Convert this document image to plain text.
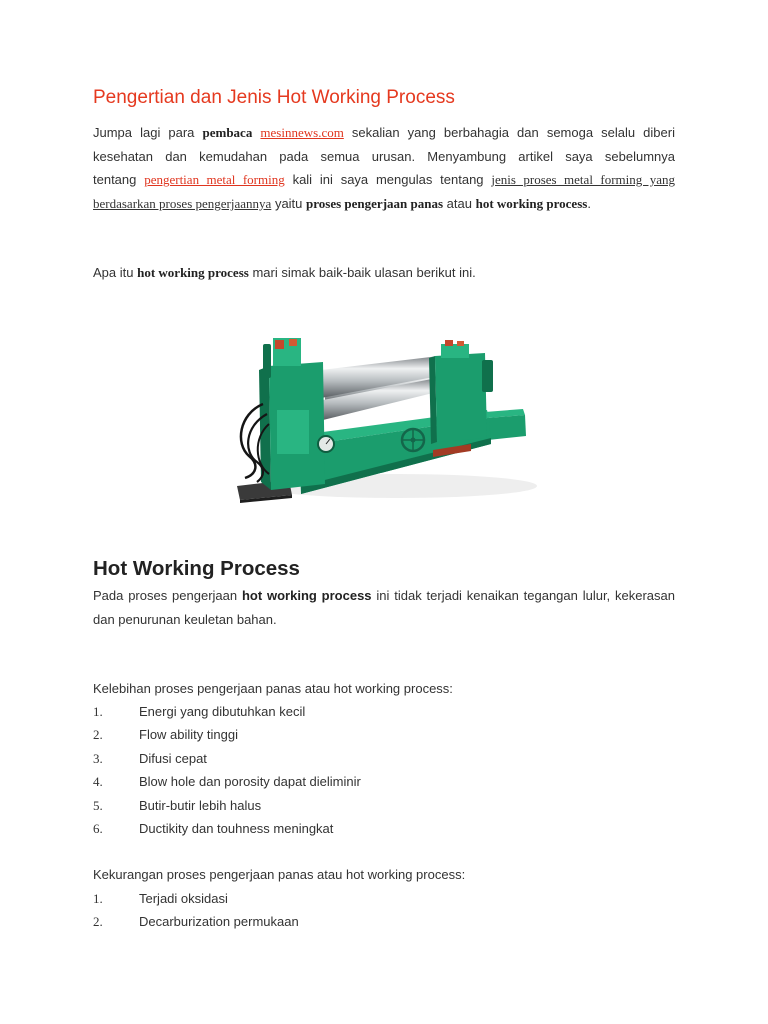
Pengertian dan Jenis Hot Working Process
Jumpa lagi para pembaca mesinnews.com sekalian yang berbahagia dan semoga selalu diberi
kesehatan dan kemudahan pada semua urusan. Menyambung artikel saya sebelumnya
tentang pengertian metal forming kali ini saya mengulas tentang jenis proses metal forming yang
berdasarkan proses pengerjaannya yaitu proses pengerjaan panas atau hot working process.
Apa itu hot working process mari simak baik-baik ulasan berikut ini.
Hot Working Process
Pada proses pengerjaan hot working process ini tidak terjadi kenaikan tegangan lulur, kekerasan
dan penurunan keuletan bahan.
Kelebihan proses pengerjaan panas atau hot working process:
1.	Energi yang dibutuhkan kecil
2.	Flow ability tinggi
3.	Difusi cepat
4.	Blow hole dan porosity dapat dieliminir
5.	Butir-butir lebih halus
6.	Ductikity dan touhness meningkat
Kekurangan proses pengerjaan panas atau hot working process:
1.	Terjadi oksidasi
2.	Decarburization permukaan
